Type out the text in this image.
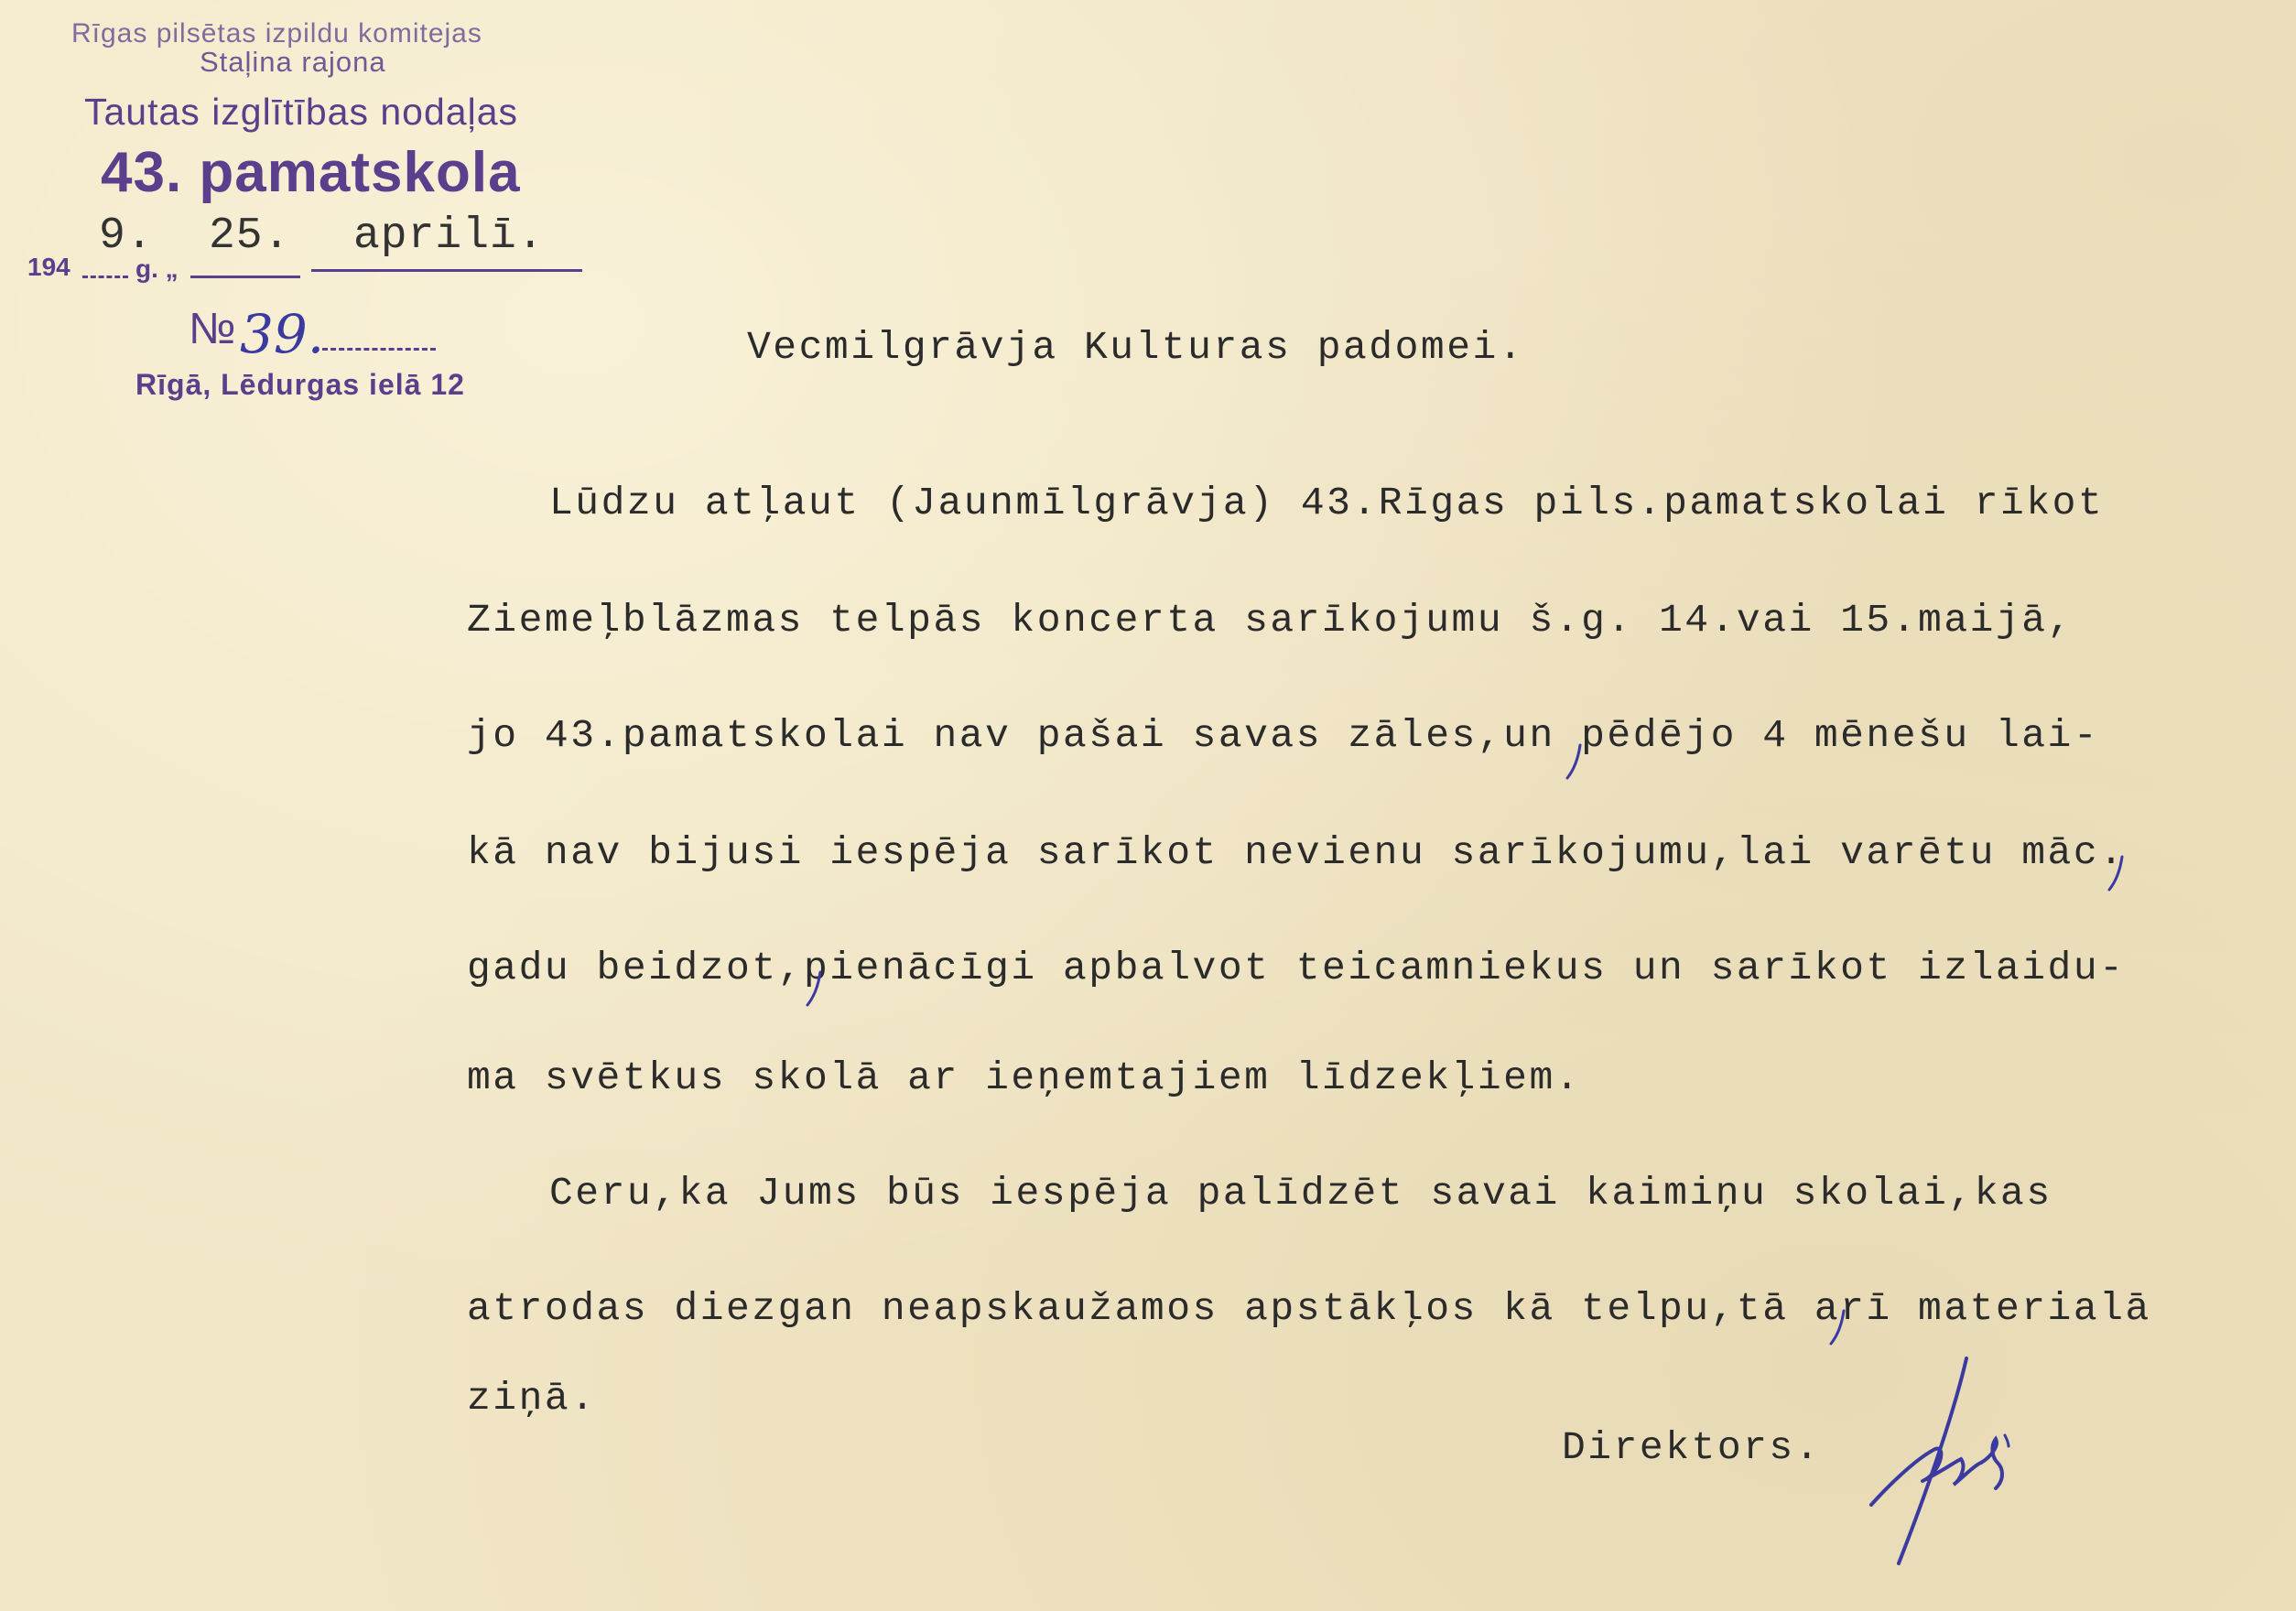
Rīgas pilsētas izpildu komitejas
Staļina rajona
Tautas izglītības nodaļas
43. pamatskola
9. 25. aprilī.
194	g. „
№ 39.
Rīgā, Lēdurgas ielā 12
Vecmilgrāvja Kulturas padomei.
Lūdzu atļaut (Jaunmīlgrāvja) 43.Rīgas pils.pamatskolai rīkot
Ziemeļblāzmas telpās koncerta sarīkojumu š.g. 14.vai 15.maijā,
jo 43.pamatskolai nav pašai savas zāles,un pēdējo 4 mēnešu lai-
kā nav bijusi iespēja sarīkot nevienu sarīkojumu,lai varētu māc.
gadu beidzot,pienācīgi apbalvot teicamniekus un sarīkot izlaidu-
ma svētkus skolā ar ieņemtajiem līdzekļiem.
Ceru,ka Jums būs iespēja palīdzēt savai kaimiņu skolai,kas
atrodas diezgan neapskaužamos apstākļos kā telpu,tā arī materialā
ziņā.
Direktors.
